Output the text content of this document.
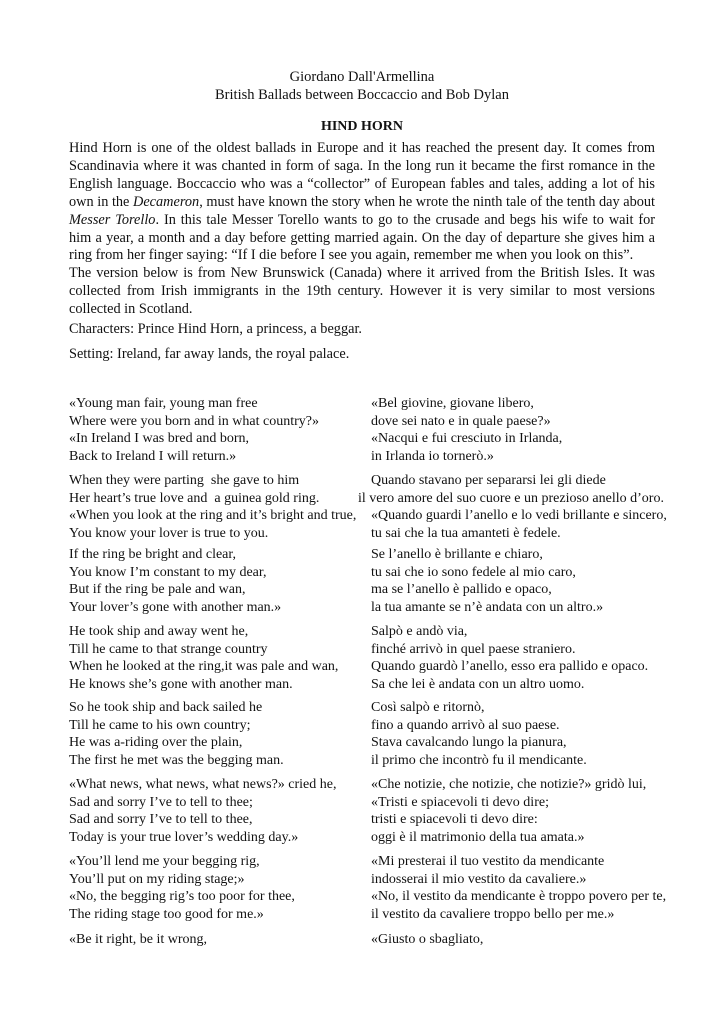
Giordano Dall'Armellina
British Ballads between Boccaccio and Bob Dylan
HIND HORN

Hind Horn is one of the oldest ballads in Europe and it has reached the present day. It comes from Scandinavia where it was chanted in form of saga. In the long run it became the first romance in the English language. Boccaccio who was a “collector” of European fables and tales, adding a lot of his own in the Decameron, must have known the story when he wrote the ninth tale of the tenth day about Messer Torello. In this tale Messer Torello wants to go to the crusade and begs his wife to wait for him a year, a month and a day before getting married again. On the day of departure she gives him a ring from her finger saying: “If I die before I see you again, remember me when you look on this”.

The version below is from New Brunswick (Canada) where it arrived from the British Isles. It was collected from Irish immigrants in the 19th century. However it is very similar to most versions collected in Scotland.

Characters: Prince Hind Horn, a princess, a beggar.
Setting: Ireland, far away lands, the royal palace.
«Young man fair, young man free
Where were you born and in what country?»
«In Ireland I was bred and born,
Back to Ireland I will return.»
«Bel giovine, giovane libero,
dove sei nato e in quale paese?»
«Nacqui e fui cresciuto in Irlanda,
in Irlanda io tornerò.»
When they were parting  she gave to him
Her heart’s true love and  a guinea gold ring.
«When you look at the ring and it’s bright and true,
You know your lover is true to you.
Quando stavano per separarsi lei gli diede
il vero amore del suo cuore e un prezioso anello d’oro.
«Quando guardi l’anello e lo vedi brillante e sincero,
tu sai che la tua amanteti è fedele.
If the ring be bright and clear,
You know I’m constant to my dear,
But if the ring be pale and wan,
Your lover’s gone with another man.»
Se l’anello è brillante e chiaro,
tu sai che io sono fedele al mio caro,
ma se l’anello è pallido e opaco,
la tua amante se n’è andata con un altro.»
He took ship and away went he,
Till he came to that strange country
When he looked at the ring,it was pale and wan,
He knows she’s gone with another man.
Salpò e andò via,
finché arrivò in quel paese straniero.
Quando guardò l’anello, esso era pallido e opaco.
Sa che lei è andata con un altro uomo.
So he took ship and back sailed he
Till he came to his own country;
He was a-riding over the plain,
The first he met was the begging man.
Così salpò e ritornò,
fino a quando arrivò al suo paese.
Stava cavalcando lungo la pianura,
il primo che incontrò fu il mendicante.
«What news, what news, what news?» cried he,
Sad and sorry I’ve to tell to thee;
Sad and sorry I’ve to tell to thee,
Today is your true lover’s wedding day.»
«Che notizie, che notizie, che notizie?» gridò lui,
«Tristi e spiacevoli ti devo dire;
tristi e spiacevoli ti devo dire:
oggi è il matrimonio della tua amata.»
«You’ll lend me your begging rig,
You’ll put on my riding stage;»
«No, the begging rig’s too poor for thee,
The riding stage too good for me.»
«Mi presterai il tuo vestito da mendicante
indosserai il mio vestito da cavaliere.»
«No, il vestito da mendicante è troppo povero per te,
il vestito da cavaliere troppo bello per me.»
«Be it right, be it wrong,	«Giusto o sbagliato,
